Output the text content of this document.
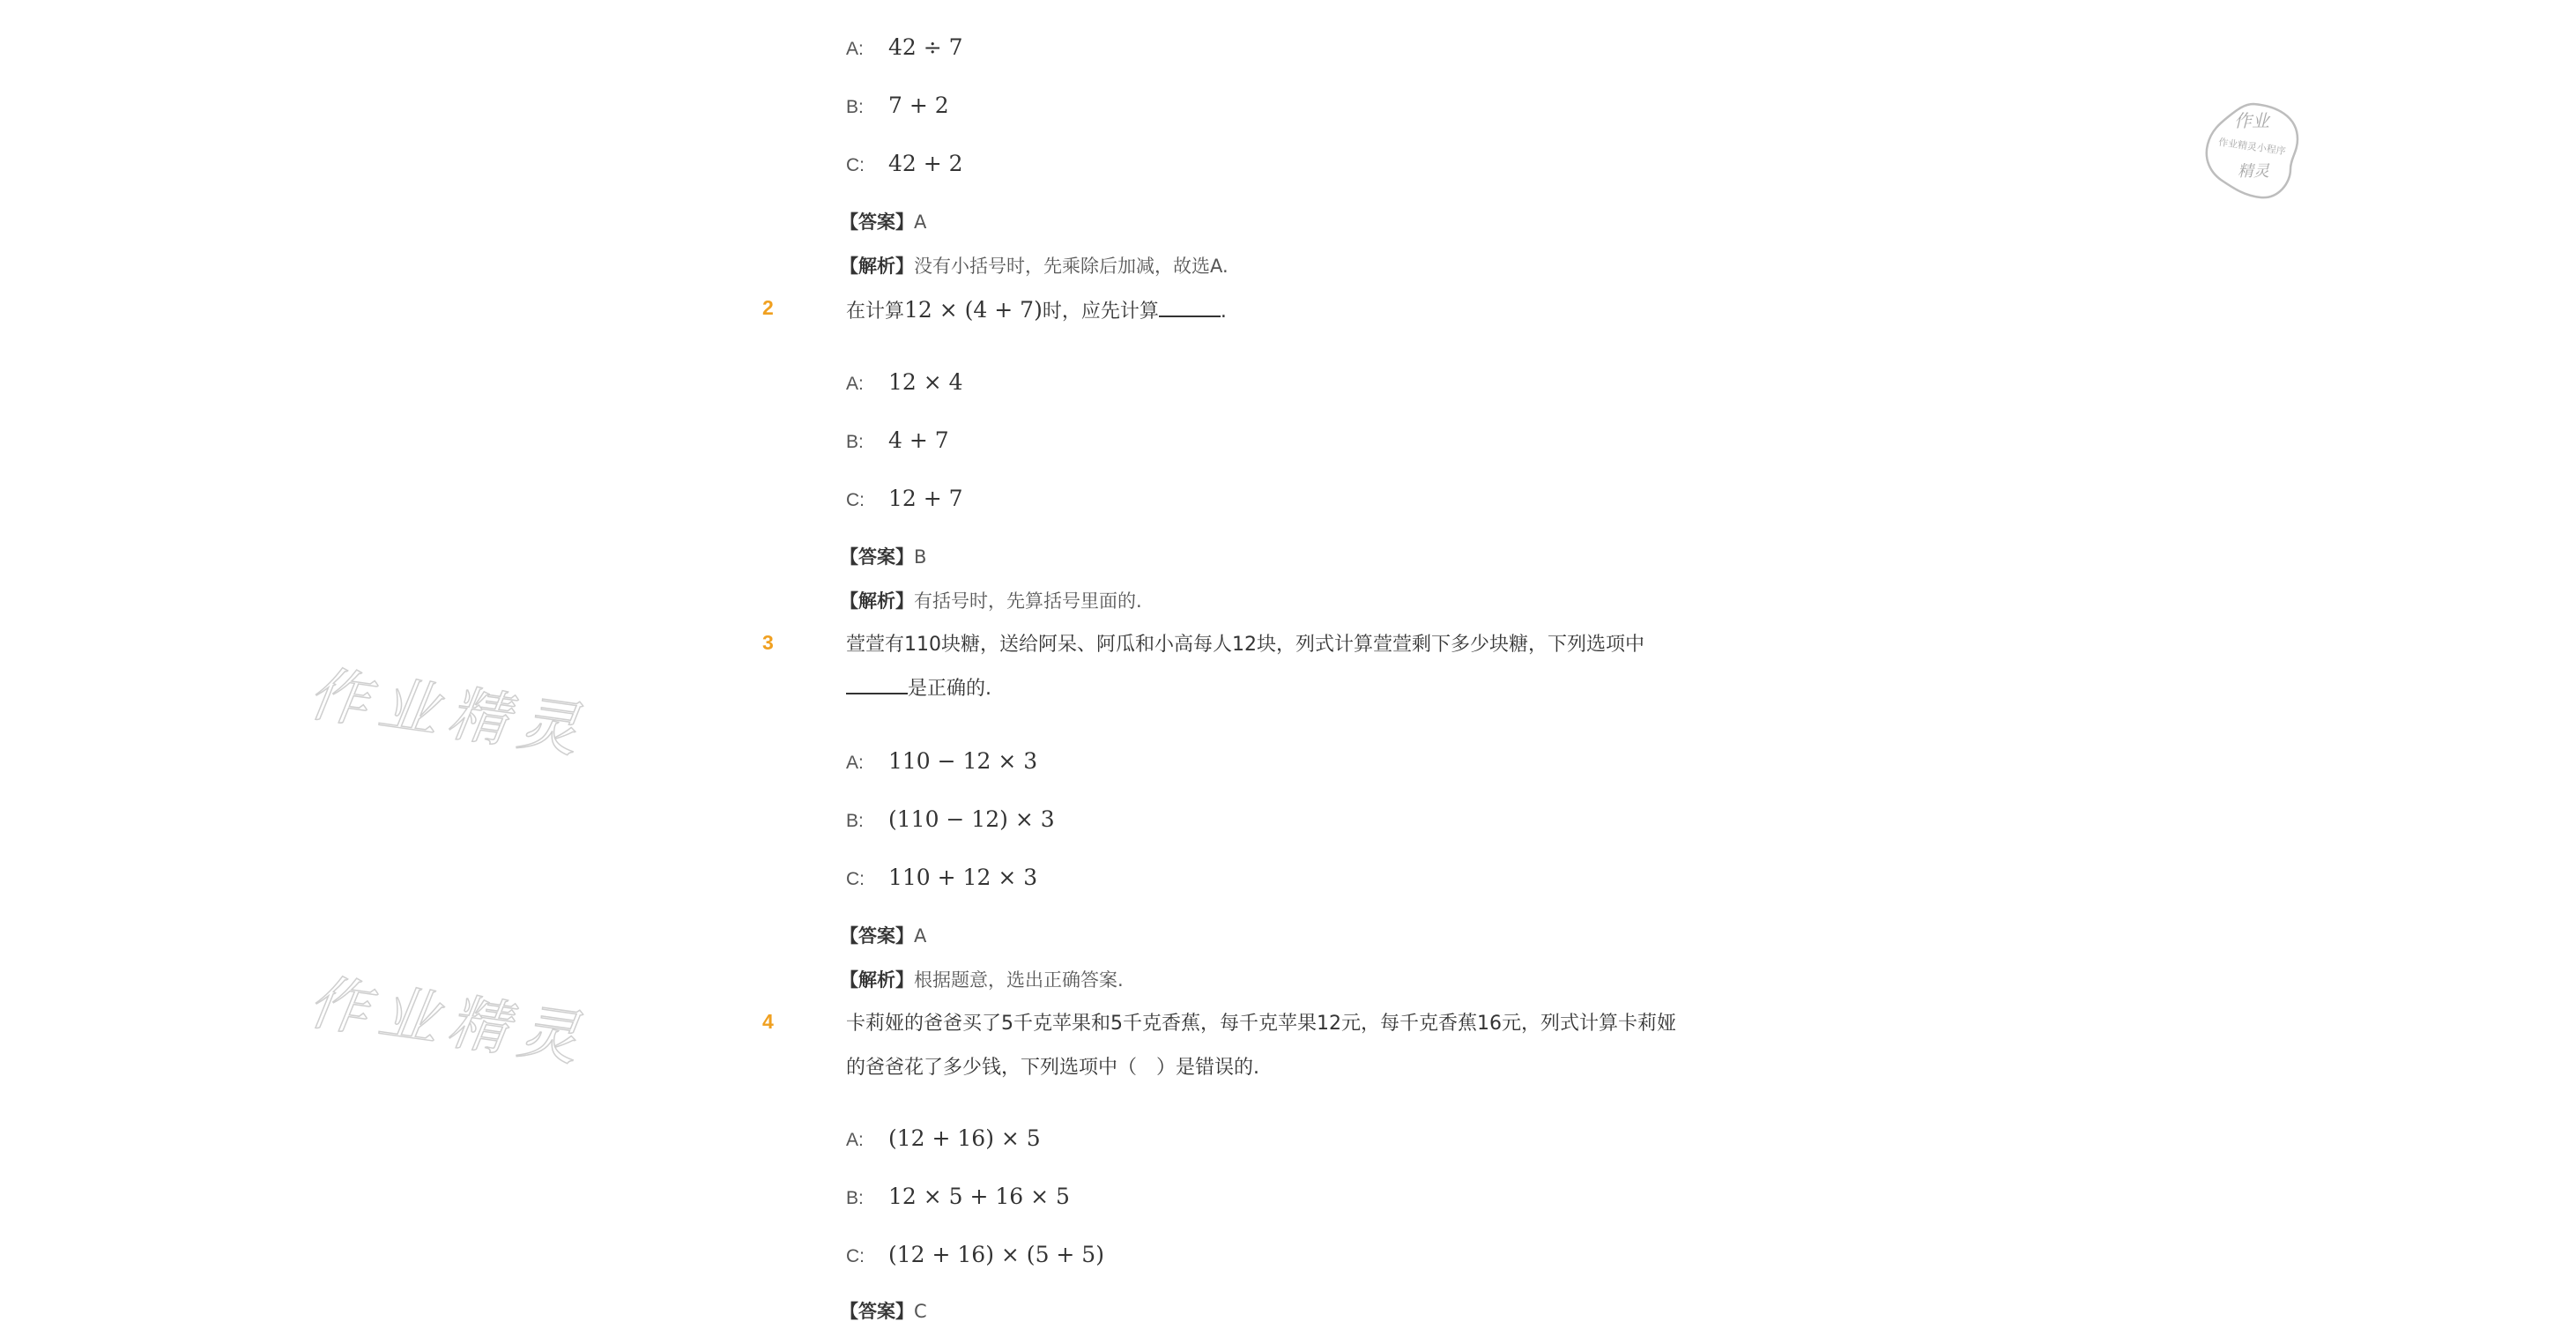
A: 42 ÷ 7
B: 7 + 2
C: 42 + 2
【答案】A
【解析】没有小括号时，先乘除后加减，故选A.
2	在计算12 × (4 + 7)时，应先计算	.
A: 12 × 4
B: 4 + 7
C: 12 + 7
【答案】B
【解析】有括号时，先算括号里面的.
3	萱萱有110块糖，送给阿呆、阿瓜和小高每人12块，列式计算萱萱剩下多少块糖，下列选项中
是正确的.
A: 110 − 12 × 3
B: (110 − 12) × 3
C: 110 + 12 × 3
【答案】A
【解析】根据题意，选出正确答案.
4	卡莉娅的爸爸买了5千克苹果和5千克香蕉，每千克苹果12元，每千克香蕉16元，列式计算卡莉娅
的爸爸花了多少钱，下列选项中（　）是错误的.
A: (12 + 16) × 5
B: 12 × 5 + 16 × 5
C: (12 + 16) × (5 + 5)
【答案】C
作业精灵
作业精灵
作业
作业精灵小程序
精灵
